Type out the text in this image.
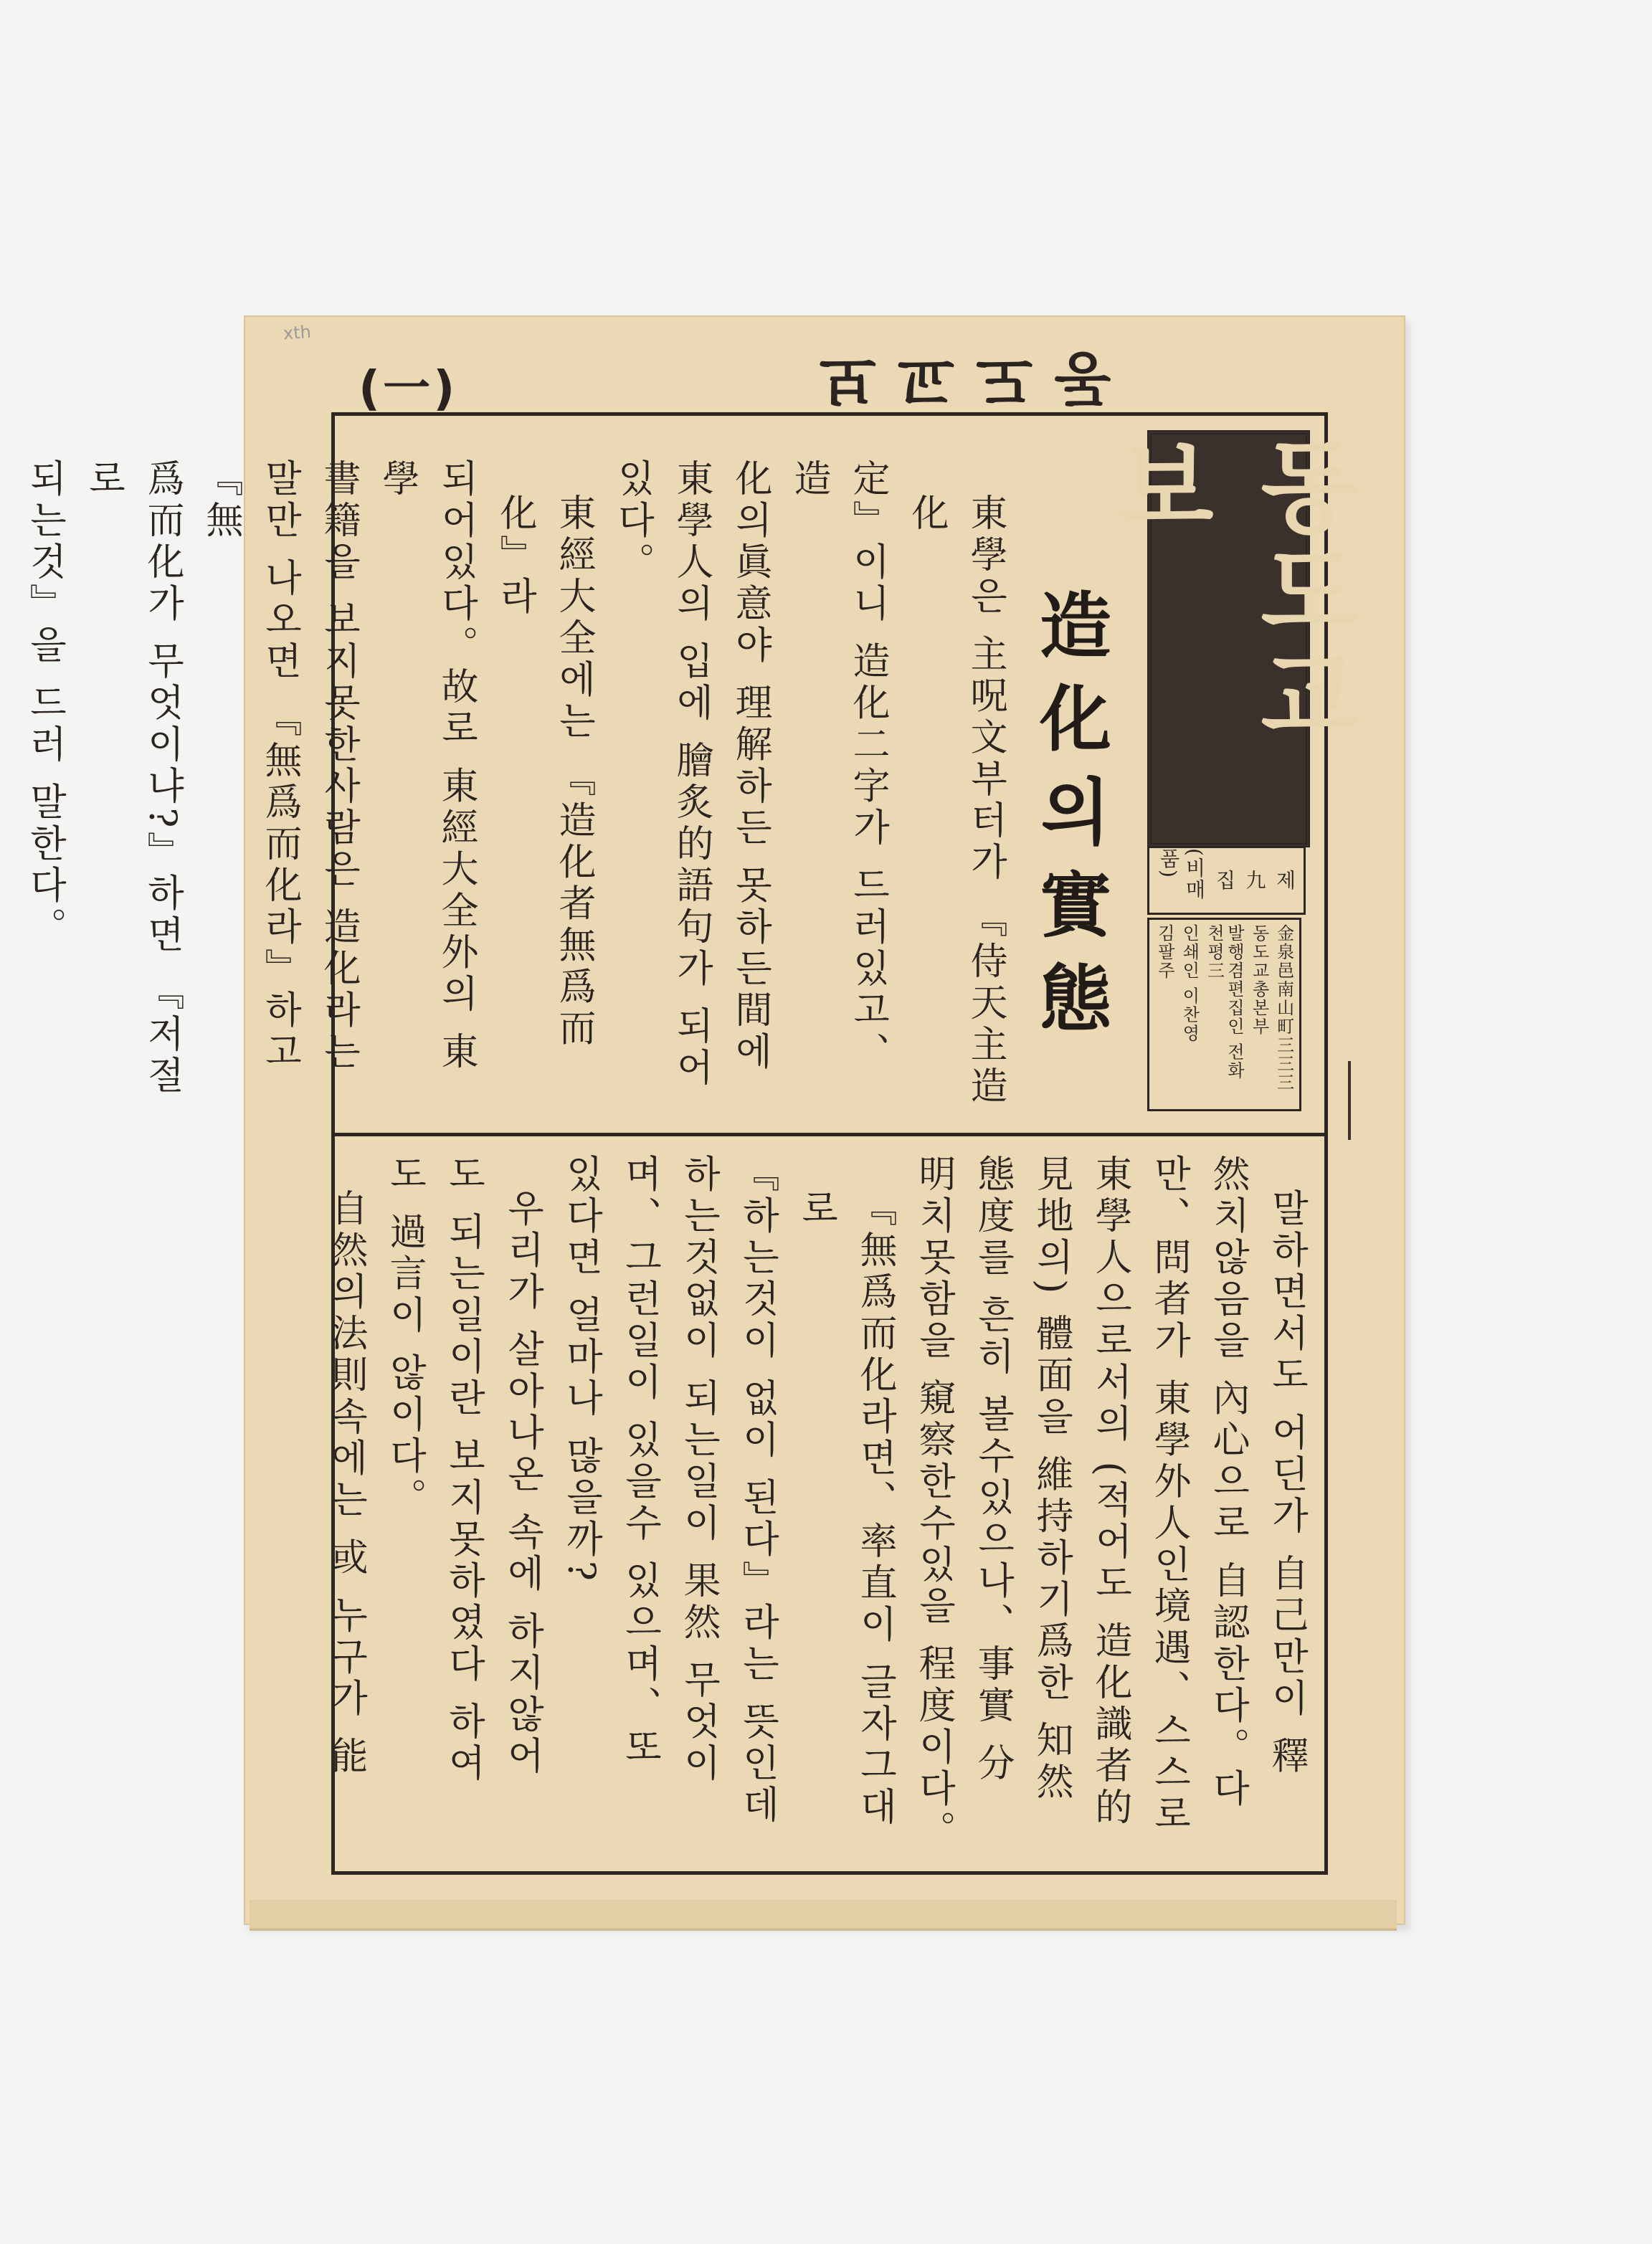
xth
(一)	동도교보
동도교보
제
九
집
(비매품)
金泉邑南山町三三三
동도교총본부
발행겸편집인 전화 천평三
인쇄인 이찬영
김팔주
造化의實態
東學은 主呪文부터가 『侍天主造化
定』이니 造化二字가 드러있고、造
化의眞意야 理解하든 못하든間에
東學人의 입에 膾炙的語句가 되어
있다。
東經大全에는 『造化者無爲而化』라
되어있다。故로 東經大全外의 東學
書籍을 보지못한사람은 造化라는
말만 나오면 『無爲而化라』하고 『無
爲而化가 무엇이냐?』하면 『저절로
되는것』을 드러 말한다。
말하면서도 어딘가 自己만이 釋
然치않음을 內心으로 自認한다。다
만、問者가 東學外人인境遇、스스로
東學人으로서의 (적어도 造化識者的
見地의) 體面을 維持하기爲한 知然
態度를 흔히 볼수있으나、事實 分
明치못함을 窺察한수있을 程度이다。
『無爲而化라면、率直이 글자그대로
『하는것이 없이 된다』라는 뜻인데
하는것없이 되는일이 果然 무엇이
며、그런일이 있을수 있으며、또
있다면 얼마나 많을까?
우리가 살아나온 속에 하지않어
도 되는일이란 보지못하였다 하여
도 過言이 않이다。
自然의法則속에는 或 누구가 能
